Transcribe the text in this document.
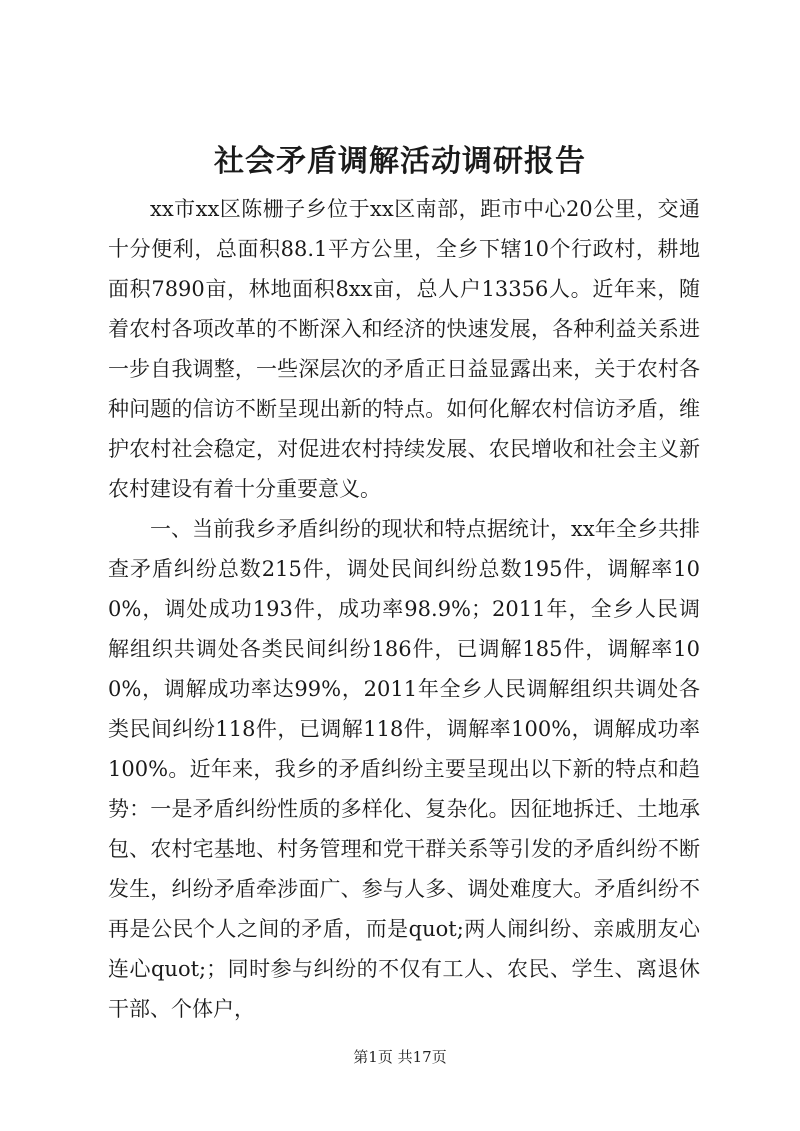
社会矛盾调解活动调研报告

xx市xx区陈栅子乡位于xx区南部，距市中心20公里，交通十分便利，总面积88.1平方公里，全乡下辖10个行政村，耕地面积7890亩，林地面积8xx亩，总人户13356人。近年来，随着农村各项改革的不断深入和经济的快速发展，各种利益关系进一步自我调整，一些深层次的矛盾正日益显露出来，关于农村各种问题的信访不断呈现出新的特点。如何化解农村信访矛盾，维护农村社会稳定，对促进农村持续发展、农民增收和社会主义新农村建设有着十分重要意义。

一、当前我乡矛盾纠纷的现状和特点据统计，xx年全乡共排查矛盾纠纷总数215件，调处民间纠纷总数195件，调解率100%，调处成功193件，成功率98.9%；2011年，全乡人民调解组织共调处各类民间纠纷186件，已调解185件，调解率100%，调解成功率达99%，2011年全乡人民调解组织共调处各类民间纠纷118件，已调解118件，调解率100%，调解成功率100%。近年来，我乡的矛盾纠纷主要呈现出以下新的特点和趋势：一是矛盾纠纷性质的多样化、复杂化。因征地拆迁、土地承包、农村宅基地、村务管理和党干群关系等引发的矛盾纠纷不断发生，纠纷矛盾牵涉面广、参与人多、调处难度大。矛盾纠纷不再是公民个人之间的矛盾，而是quot;两人闹纠纷、亲戚朋友心连心quot;；同时参与纠纷的不仅有工人、农民、学生、离退休干部、个体户，

第1页 共17页
